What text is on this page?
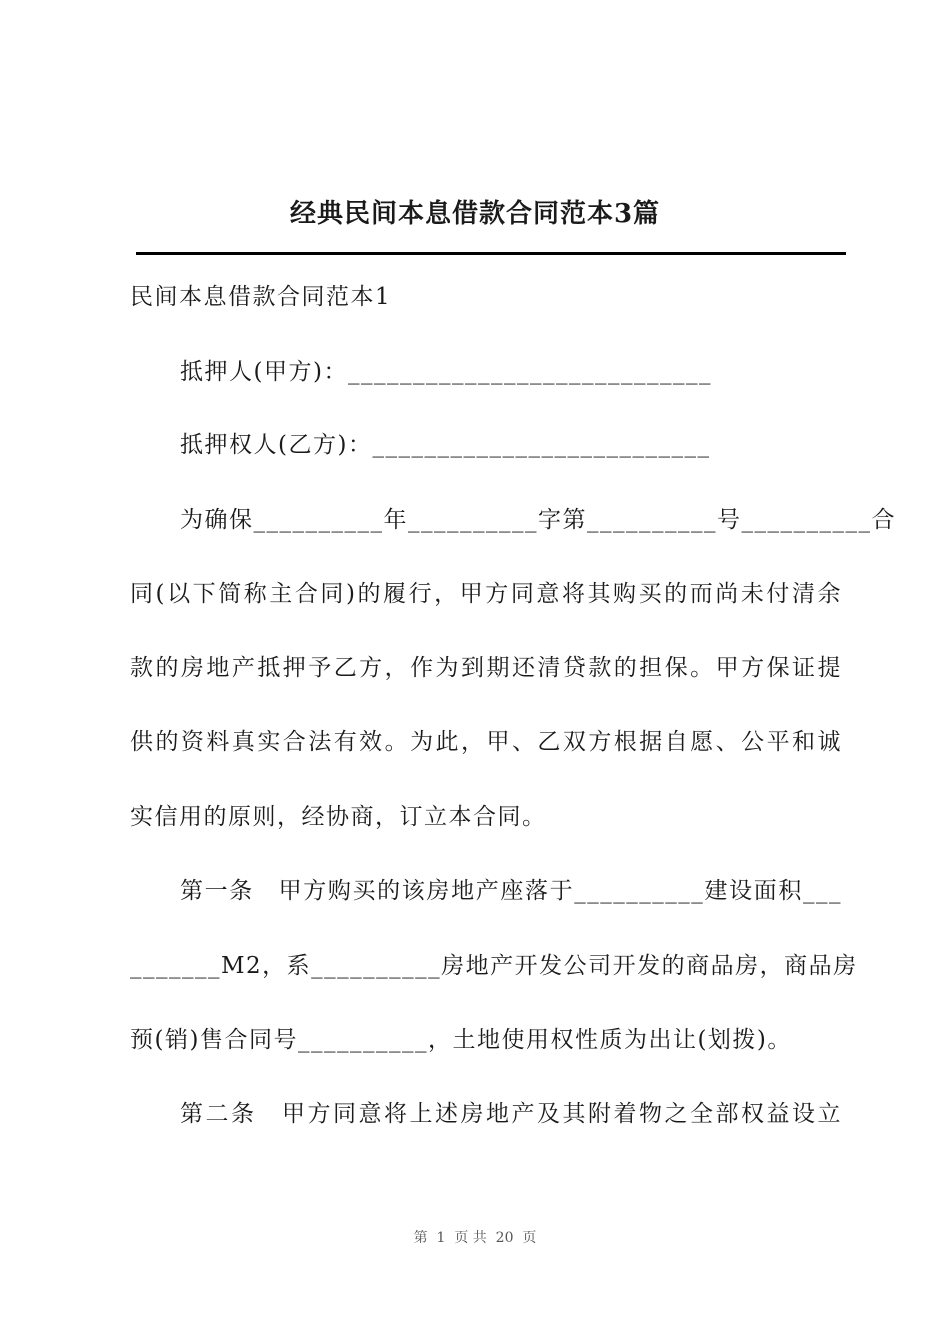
经典民间本息借款合同范本3篇
民间本息借款合同范本1
抵押人(甲方)：____________________________
抵押权人(乙方)：__________________________
为确保__________年__________字第__________号__________合
同(以下简称主合同)的履行，甲方同意将其购买的而尚未付清余
款的房地产抵押予乙方，作为到期还清贷款的担保。甲方保证提
供的资料真实合法有效。为此，甲、乙双方根据自愿、公平和诚
实信用的原则，经协商，订立本合同。
第一条　甲方购买的该房地产座落于__________建设面积___
_______M2，系__________房地产开发公司开发的商品房，商品房
预(销)售合同号__________，土地使用权性质为出让(划拨)。
第二条　甲方同意将上述房地产及其附着物之全部权益设立
第  1  页 共  20  页
